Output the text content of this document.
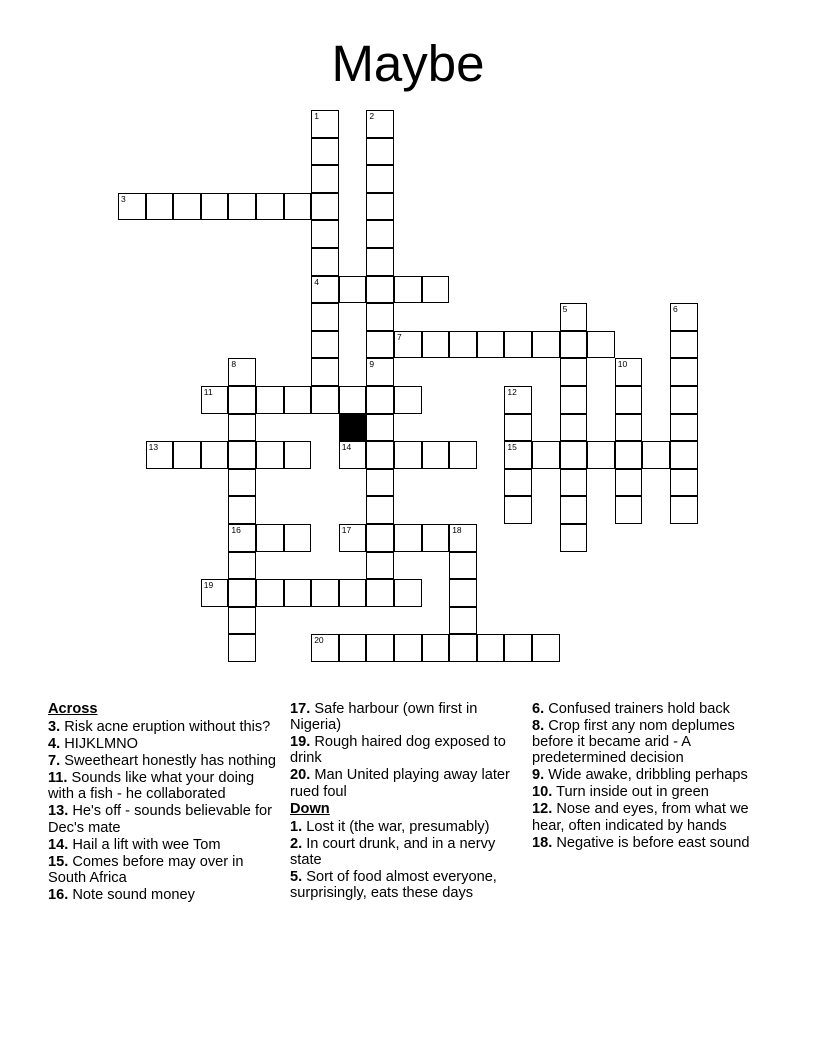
Maybe
1
4
2
9
3
5	6
7
8
16
10
11	12
15
13	14
17	18
19
20
Across
3. Risk acne eruption without this?
4. HIJKLMNO
7. Sweetheart honestly has nothing
11. Sounds like what your doing with a fish - he collaborated
13. He's off - sounds believable for Dec's mate
14. Hail a lift with wee Tom
15. Comes before may over in South Africa
16. Note sound money
17. Safe harbour (own first in Nigeria)
19. Rough haired dog exposed to drink
20. Man United playing away later rued foul
Down
1. Lost it (the war, presumably)
2. In court drunk, and in a nervy state
5. Sort of food almost everyone, surprisingly, eats these days
6. Confused trainers hold back
8. Crop first any nom deplumes before it became arid - A predetermined decision
9. Wide awake, dribbling perhaps
10. Turn inside out in green
12. Nose and eyes, from what we hear, often indicated by hands
18. Negative is before east sound
